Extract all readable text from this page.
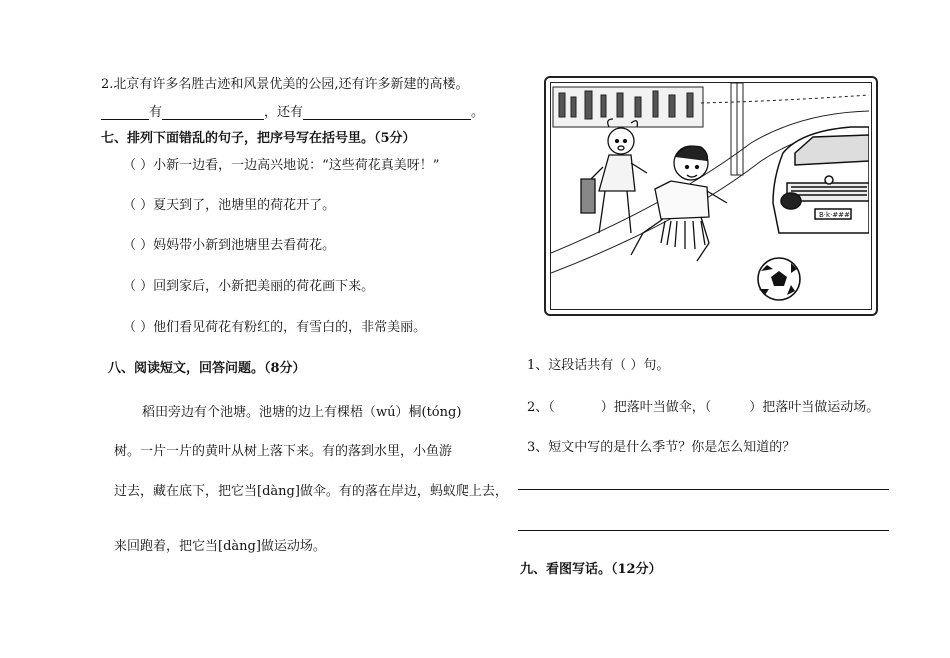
2.北京有许多名胜古迹和风景优美的公园,还有许多新建的高楼。
有	，还有	。
七、排列下面错乱的句子，把序号写在括号里。（5分）
（ ）小新一边看，一边高兴地说：“这些荷花真美呀！”
（ ）夏天到了，池塘里的荷花开了。
（ ）妈妈带小新到池塘里去看荷花。
（ ）回到家后，小新把美丽的荷花画下来。
（ ）他们看见荷花有粉红的，有雪白的，非常美丽。
八、阅读短文，回答问题。（8分）
稻田旁边有个池塘。池塘的边上有棵梧（wú）桐(tóng)
树。一片一片的黄叶从树上落下来。有的落到水里，小鱼游
过去，藏在底下，把它当[dàng]做伞。有的落在岸边，蚂蚁爬上去，
来回跑着，把它当[dàng]做运动场。
B·k·###
1、这段话共有（ ）句。
2、（	）把落叶当做伞，（	）把落叶当做运动场。
3、短文中写的是什么季节？你是怎么知道的？
九、看图写话。（12分）
